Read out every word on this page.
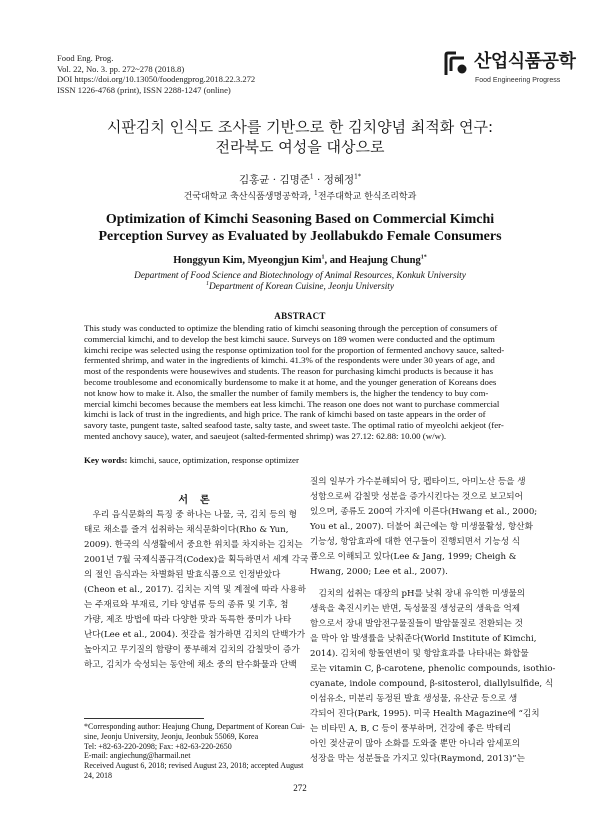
Food Eng. Prog.
Vol. 22, No. 3. pp. 272~278 (2018.8)
DOI https://doi.org/10.13050/foodengprog.2018.22.3.272
ISSN 1226-4768 (print), ISSN 2288-1247 (online)
산업식품공학
Food Engineering Progress
시판김치 인식도 조사를 기반으로 한 김치양념 최적화 연구:
전라북도 여성을 대상으로
김홍균 · 김명준$^1$ · 정혜정$^{1*}$
건국대학교 축산식품생명공학과, $^1$전주대학교 한식조리학과
Optimization of Kimchi Seasoning Based on Commercial Kimchi
Perception Survey as Evaluated by Jeollabukdo Female Consumers
Honggyun Kim, Myeongjun Kim$^1$, and Heajung Chung$^{1*}$
Department of Food Science and Biotechnology of Animal Resources, Konkuk University
$^1$Department of Korean Cuisine, Jeonju University
ABSTRACT
This study was conducted to optimize the blending ratio of kimchi seasoning through the perception of consumers of
commercial kimchi, and to develop the best kimchi sauce. Surveys on 189 women were conducted and the optimum
kimchi recipe was selected using the response optimization tool for the proportion of fermented anchovy sauce, salted-
fermented shrimp, and water in the ingredients of kimchi. 41.3% of the respondents were under 30 years of age, and
most of the respondents were housewives and students. The reason for purchasing kimchi products is because it has
become troublesome and economically burdensome to make it at home, and the younger generation of Koreans does
not know how to make it. Also, the smaller the number of family members is, the higher the tendency to buy com-
mercial kimchi becomes because the members eat less kimchi. The reason one does not want to purchase commercial
kimchi is lack of trust in the ingredients, and high price. The rank of kimchi based on taste appears in the order of
savory taste, pungent taste, salted seafood taste, salty taste, and sweet taste. The optimal ratio of myeolchi aekjeot (fer-
mented anchovy sauce), water, and saeujeot (salted-fermented shrimp) was 27.12: 62.88: 10.00 (w/w).
Key words: kimchi, sauce, optimization, response optimizer
서론
우리 음식문화의 특징 중 하나는 나물, 국, 김치 등의 형
태로 채소를 즐겨 섭취하는 채식문화이다(Rho & Yun,
2009). 한국의 식생활에서 중요한 위치를 차지하는 김치는
2001년 7월 국제식품규격(Codex)을 획득하면서 세계 각국
의 절인 음식과는 차별화된 발효식품으로 인정받았다
(Cheon et al., 2017). 김치는 지역 및 계절에 따라 사용하
는 주재료와 부재료, 기타 양념류 등의 종류 및 기후, 첨
가량, 제조 방법에 따라 다양한 맛과 독특한 풍미가 나타
난다(Lee et al., 2004). 젓갈을 첨가하면 김치의 단백가가
높아지고 무기질의 함량이 풍부해져 김치의 감칠맛이 증가
하고, 김치가 숙성되는 동안에 채소 중의 탄수화물과 단백
질의 일부가 가수분해되어 당, 펩타이드, 아미노산 등을 생
성함으로써 감칠맛 성분을 증가시킨다는 것으로 보고되어
있으며, 종류도 200여 가지에 이른다(Hwang et al., 2000;
You et al., 2007). 더불어 최근에는 항 미생물활성, 항산화
기능성, 항암효과에 대한 연구들이 진행되면서 기능성 식
품으로 이해되고 있다(Lee & Jang, 1999; Cheigh &
Hwang, 2000; Lee et al., 2007).
김치의 섭취는 대장의 pH를 낮춰 장내 유익한 미생물의
생육을 촉진시키는 반면, 독성물질 생성균의 생육을 억제
함으로서 장내 발암전구물질들이 발암물질로 전환되는 것
을 막아 암 발생률을 낮춰준다(World Institute of Kimchi,
2014). 김치에 항돌연변이 및 항암효과를 나타내는 화합물
로는 vitamin C, β-carotene, phenolic compounds, isothio-
cyanate, indole compound, β-sitosterol, diallylsulfide, 식
이섬유소, 미분리 동정된 발효 생성물, 유산균 등으로 생
각되어 진다(Park, 1995). 미국 Health Magazine에 “김치
는 비타민 A, B, C 등이 풍부하며, 건강에 좋은 박테리
아인 젖산균이 많아 소화를 도와줄 뿐만 아니라 암세포의
성장을 막는 성분들을 가지고 있다(Raymond, 2013)”는
*Corresponding author: Heajung Chung, Department of Korean Cui-
sine, Jeonju University, Jeonju, Jeonbuk 55069, Korea
Tel: +82-63-220-2098; Fax: +82-63-220-2650
E-mail: angiechung@harmail.net
Received August 6, 2018; revised August 23, 2018; accepted August
24, 2018
272
